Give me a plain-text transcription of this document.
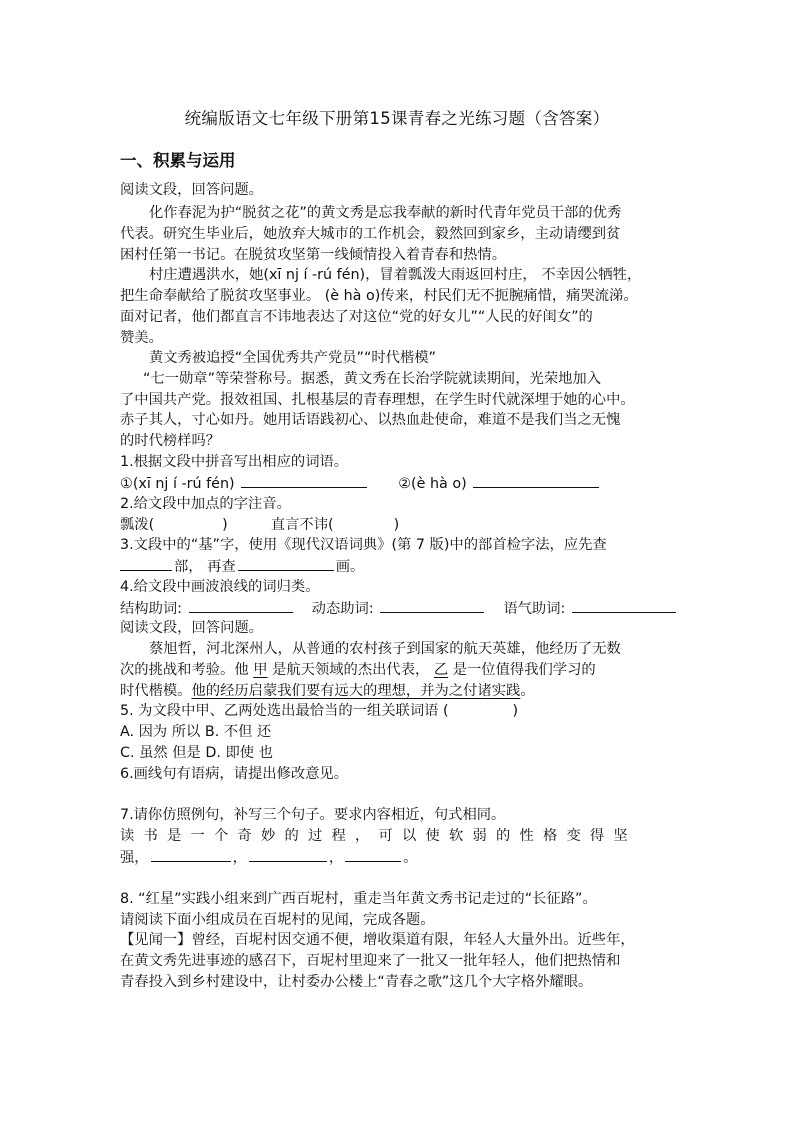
统编版语文七年级下册第15课青春之光练习题（含答案）
一、积累与运用
阅读文段，回答问题。
化作春泥为护“脱贫之花”的黄文秀是忘我奉献的新时代青年党员干部的优秀
代表。研究生毕业后，她放弃大城市的工作机会，毅然回到家乡，主动请缨到贫
困村任第一书记。在脱贫攻坚第一线倾情投入着青春和热情。
村庄遭遇洪水，她(xī nj í -rú fén)，冒着瓢泼大雨返回村庄， 不幸因公牺牲，
把生命奉献给了脱贫攻坚事业。 (è hà o)传来，村民们无不扼腕痛惜，痛哭流涕。
面对记者，他们都直言不讳地表达了对这位“党的好女儿”“人民的好闺女”的
赞美。
黄文秀被追授“全国优秀共产党员”“时代楷模”
“七一勋章”等荣誉称号。据悉，黄文秀在长治学院就读期间，光荣地加入
了中国共产党。报效祖国、扎根基层的青春理想，在学生时代就深埋于她的心中。
赤子其人，寸心如丹。她用话语践初心、以热血赴使命，难道不是我们当之无愧
的时代榜样吗？
1.根据文段中拼音写出相应的词语。
①(xī nj í -rú fén)	②(è hà o)
2.给文段中加点的字注音。
瓢泼(	)	直言不讳(	)
3.文段中的“基”字，使用《现代汉语词典》(第 7 版)中的部首检字法，应先查
部， 再查	画。
4.给文段中画波浪线的词归类。
结构助词:	动态助词:	语气助词:
阅读文段，回答问题。
蔡旭哲，河北深州人，从普通的农村孩子到国家的航天英雄，他经历了无数
次的挑战和考验。他 甲 是航天领域的杰出代表， 乙 是一位值得我们学习的
时代楷模。他的经历启蒙我们要有远大的理想，并为之付诸实践。
5. 为文段中甲、乙两处选出最恰当的一组关联词语 (	)
A. 因为 所以 B. 不但 还
C. 虽然 但是 D. 即使 也
6.画线句有语病，请提出修改意见。
7.请你仿照例句，补写三个句子。要求内容相近，句式相同。
读书是一个奇妙的过程，可以使软弱的性格变得坚
强，	，	，	。
8. “红星”实践小组来到广西百坭村，重走当年黄文秀书记走过的“长征路”。
请阅读下面小组成员在百坭村的见闻，完成各题。
【见闻一】曾经，百坭村因交通不便，增收渠道有限，年轻人大量外出。近些年，
在黄文秀先进事迹的感召下，百坭村里迎来了一批又一批年轻人，他们把热情和
青春投入到乡村建设中，让村委办公楼上“青春之歌”这几个大字格外耀眼。
